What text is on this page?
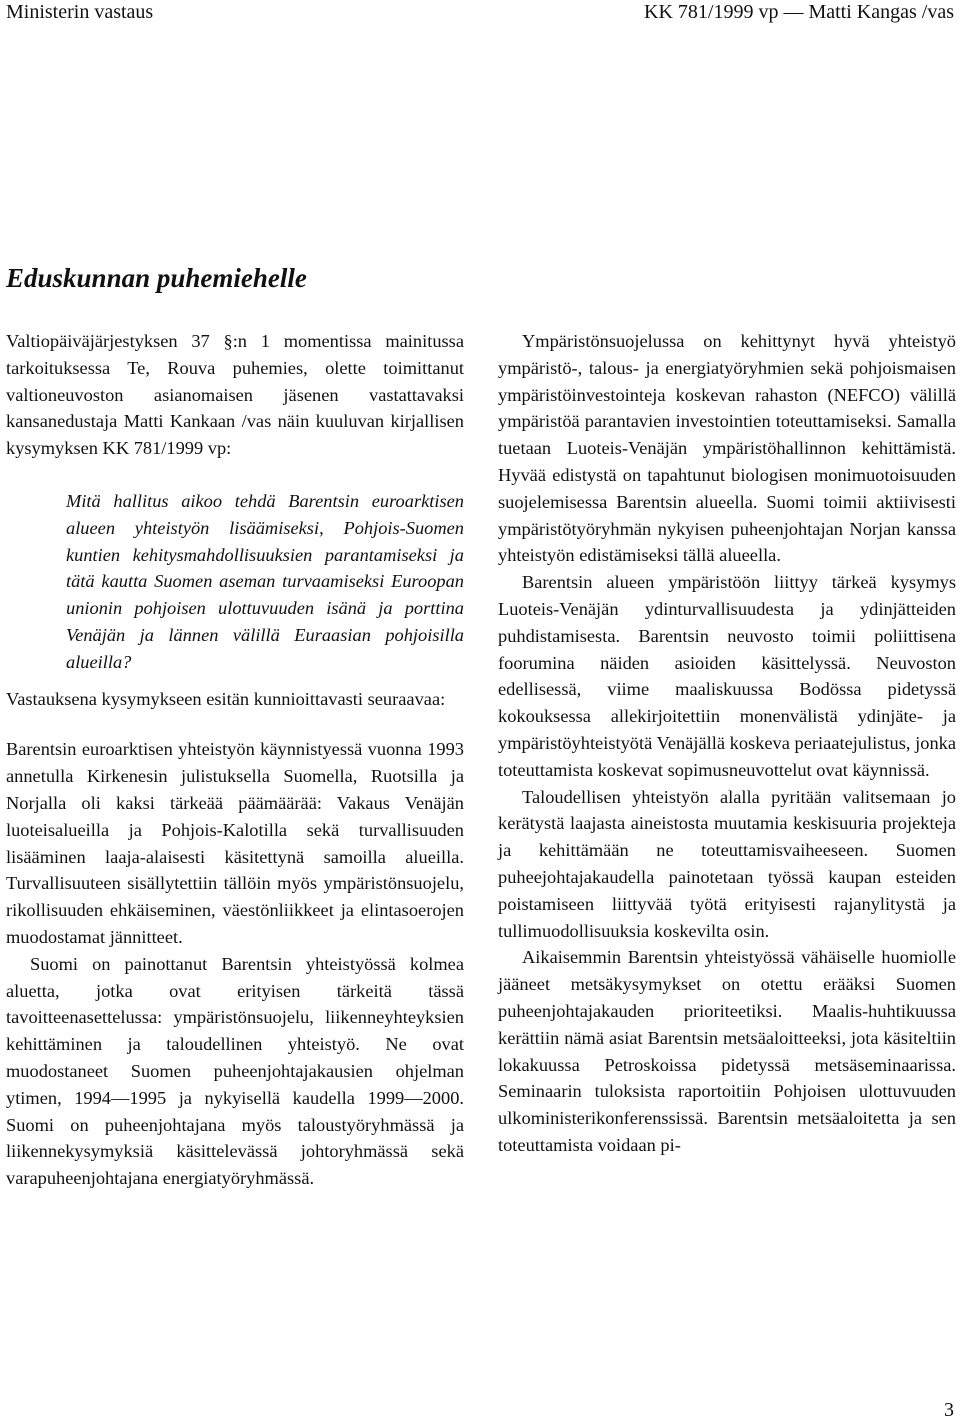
Ministerin vastaus	KK 781/1999 vp — Matti Kangas /vas
Eduskunnan puhemiehelle

Valtiopäiväjärjestyksen 37 §:n 1 momentissa mainitussa tarkoituksessa Te, Rouva puhemies, olette toimittanut valtioneuvoston asianomaisen jäsenen vastattavaksi kansanedustaja Matti Kankaan /vas näin kuuluvan kirjallisen kysymyksen KK 781/1999 vp:

Mitä hallitus aikoo tehdä Barentsin euroarktisen alueen yhteistyön lisäämiseksi, Pohjois-Suomen kuntien kehitysmahdollisuuksien parantamiseksi ja tätä kautta Suomen aseman turvaamiseksi Euroopan unionin pohjoisen ulottuvuuden isänä ja porttina Venäjän ja lännen välillä Euraasian pohjoisilla alueilla?

Vastauksena kysymykseen esitän kunnioittavasti seuraavaa:

Barentsin euroarktisen yhteistyön käynnistyessä vuonna 1993 annetulla Kirkenesin julistuksella Suomella, Ruotsilla ja Norjalla oli kaksi tärkeää päämäärää: Vakaus Venäjän luoteisalueilla ja Pohjois-Kalotilla sekä turvallisuuden lisääminen laaja-alaisesti käsitettynä samoilla alueilla. Turvallisuuteen sisällytettiin tällöin myös ympäristönsuojelu, rikollisuuden ehkäiseminen, väestönliikkeet ja elintasoerojen muodostamat jännitteet.

Suomi on painottanut Barentsin yhteistyössä kolmea aluetta, jotka ovat erityisen tärkeitä tässä tavoitteenasettelussa: ympäristönsuojelu, liikenneyhteyksien kehittäminen ja taloudellinen yhteistyö. Ne ovat muodostaneet Suomen puheenjohtajakausien ohjelman ytimen, 1994—1995 ja nykyisellä kaudella 1999—2000. Suomi on puheenjohtajana myös taloustyöryhmässä ja liikennekysymyksiä käsittelevässä johtoryhmässä sekä varapuheenjohtajana energiatyöryhmässä.

Ympäristönsuojelussa on kehittynyt hyvä yhteistyö ympäristö-, talous- ja energiatyöryhmien sekä pohjoismaisen ympäristöinvestointeja koskevan rahaston (NEFCO) välillä ympäristöä parantavien investointien toteuttamiseksi. Samalla tuetaan Luoteis-Venäjän ympäristöhallinnon kehittämistä. Hyvää edistystä on tapahtunut biologisen monimuotoisuuden suojelemisessa Barentsin alueella. Suomi toimii aktiivisesti ympäristötyöryhmän nykyisen puheenjohtajan Norjan kanssa yhteistyön edistämiseksi tällä alueella.

Barentsin alueen ympäristöön liittyy tärkeä kysymys Luoteis-Venäjän ydinturvallisuudesta ja ydinjätteiden puhdistamisesta. Barentsin neuvosto toimii poliittisena foorumina näiden asioiden käsittelyssä. Neuvoston edellisessä, viime maaliskuussa Bodössa pidetyssä kokouksessa allekirjoitettiin monenvälistä ydinjäte- ja ympäristöyhteistyötä Venäjällä koskeva periaatejulistus, jonka toteuttamista koskevat sopimusneuvottelut ovat käynnissä.

Taloudellisen yhteistyön alalla pyritään valitsemaan jo kerätystä laajasta aineistosta muutamia keskisuuria projekteja ja kehittämään ne toteuttamisvaiheeseen. Suomen puheejohtajakaudella painotetaan työssä kaupan esteiden poistamiseen liittyvää työtä erityisesti rajanylitystä ja tullimuodollisuuksia koskevilta osin.

Aikaisemmin Barentsin yhteistyössä vähäiselle huomiolle jääneet metsäkysymykset on otettu erääksi Suomen puheenjohtajakauden prioriteetiksi. Maalis-huhtikuussa kerättiin nämä asiat Barentsin metsäaloitteeksi, jota käsiteltiin lokakuussa Petroskoissa pidetyssä metsäseminaarissa. Seminaarin tuloksista raportoitiin Pohjoisen ulottuvuuden ulkoministerikonferenssissä. Barentsin metsäaloitetta ja sen toteuttamista voidaan pi-

3
